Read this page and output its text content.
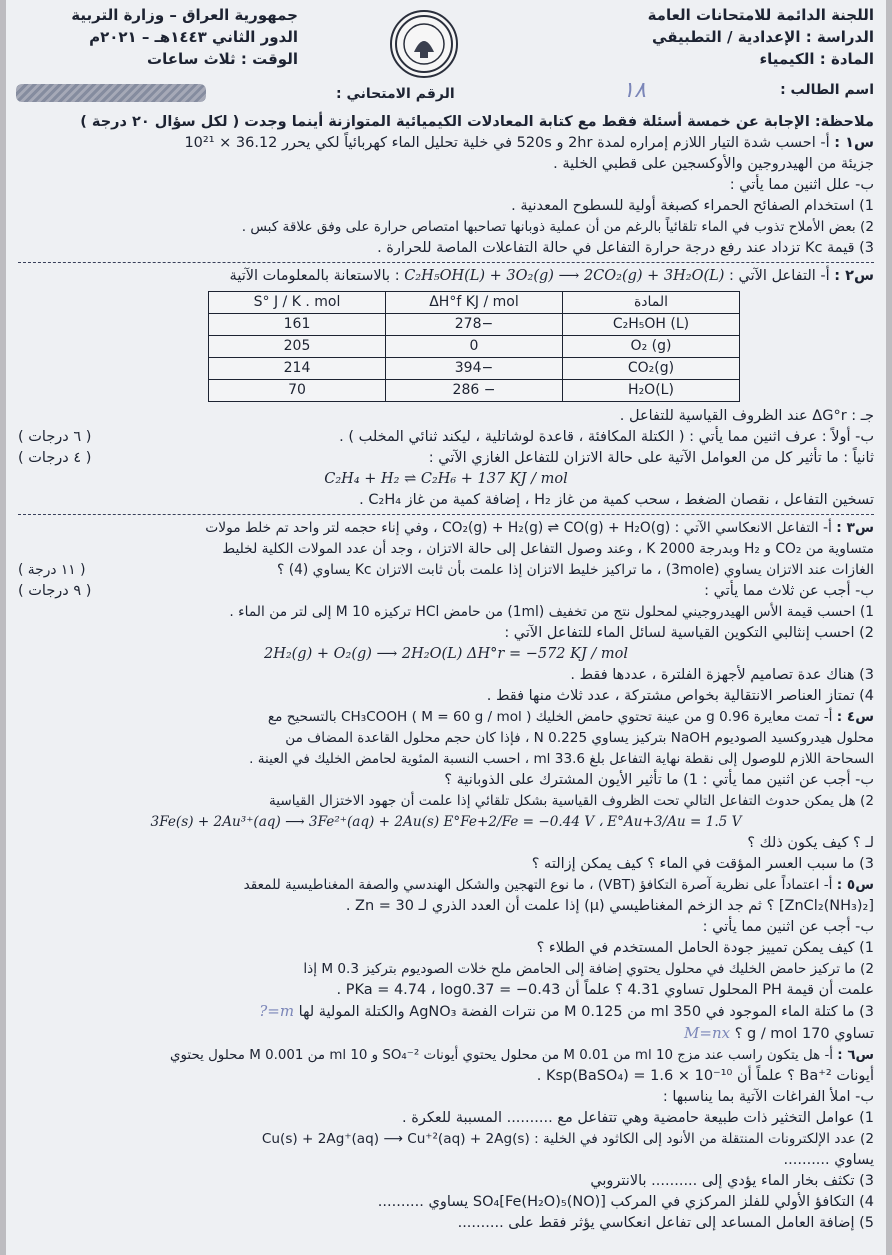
اللجنة الدائمة للامتحانات العامة
الدراسة : الإعدادية / التطبيقي
المادة : الكيمياء
جمهورية العراق – وزارة التربية
الدور الثاني ١٤٤٣هـ – ٢٠٢١م
الوقت : ثلاث ساعات
اسم الطالب :
١٨
الرقم الامتحاني :

ملاحظة: الإجابة عن خمسة أسئلة فقط مع كتابة المعادلات الكيميائية المتوازنة أينما وجدت ( لكل سؤال ٢٠ درجة )

س١ : أ- احسب شدة التيار اللازم إمراره لمدة 2hr و 520s في خلية تحليل الماء كهربائياً لكي يحرر 36.12 × 10²¹

جزيئة من الهيدروجين والأوكسجين على قطبي الخلية .

ب- علل اثنين مما يأتي :

1) استخدام الصفائح الحمراء كصبغة أولية للسطوح المعدنية .

2) بعض الأملاح تذوب في الماء تلقائياً بالرغم من أن عملية ذوبانها تصاحبها امتصاص حرارة على وفق علاقة كبس .

3) قيمة Kc تزداد عند رفع درجة حرارة التفاعل في حالة التفاعلات الماصة للحرارة .

س٢ : أ- التفاعل الآتي : C₂H₅OH(L) + 3O₂(g) ⟶ 2CO₂(g) + 3H₂O(L) : بالاستعانة بالمعلومات الآتية

المادة	ΔH°f KJ / mol	S° J / K . mol
C₂H₅OH (L)	−278	161
O₂ (g)	0	205
CO₂(g)	−394	214
H₂O(L)	− 286	70

جـ : ΔG°r عند الظروف القياسية للتفاعل .

ب- أولاً : عرف اثنين مما يأتي : ( الكتلة المكافئة ، قاعدة لوشاتلية ، ليكند ثنائي المخلب ) .
( ٦ درجات )

ثانياً : ما تأثير كل من العوامل الآتية على حالة الاتزان للتفاعل الغازي الآتي :
( ٤ درجات )

C₂H₄ + H₂ ⇌ C₂H₆ + 137 KJ / mol

تسخين التفاعل ، نقصان الضغط ، سحب كمية من غاز H₂ ، إضافة كمية من غاز C₂H₄ .

س٣ : أ- التفاعل الانعكاسي الآتي : CO₂(g) + H₂(g) ⇌ CO(g) + H₂O(g) ، وفي إناء حجمه لتر واحد تم خلط مولات

متساوية من CO₂ و H₂ وبدرجة 2000 K ، وعند وصول التفاعل إلى حالة الاتزان ، وجد أن عدد المولات الكلية لخليط

الغازات عند الاتزان يساوي (3mole) ، ما تراكيز خليط الاتزان إذا علمت بأن ثابت الاتزان Kc يساوي (4) ؟
( ١١ درجة )

ب- أجب عن ثلاث مما يأتي :
( ٩ درجات )

1) احسب قيمة الأس الهيدروجيني لمحلول نتج من تخفيف (1ml) من حامض HCl تركيزه 10 M إلى لتر من الماء .

2) احسب إنثالبي التكوين القياسية لسائل الماء للتفاعل الآتي :

2H₂(g) + O₂(g) ⟶ 2H₂O(L) ΔH°r = −572 KJ / mol

3) هناك عدة تصاميم لأجهزة الفلترة ، عددها فقط .

4) تمتاز العناصر الانتقالية بخواص مشتركة ، عدد ثلاث منها فقط .

س٤ : أ- تمت معايرة 0.96 g من عينة تحتوي حامض الخليك CH₃COOH ( M = 60 g / mol ) بالتسحيح مع

محلول هيدروكسيد الصوديوم NaOH بتركيز يساوي 0.225 N ، فإذا كان حجم محلول القاعدة المضاف من

السحاحة اللازم للوصول إلى نقطة نهاية التفاعل بلغ 33.6 ml ، احسب النسبة المئوية لحامض الخليك في العينة .

ب- أجب عن اثنين مما يأتي : 1) ما تأثير الأيون المشترك على الذوبانية ؟

2) هل يمكن حدوث التفاعل التالي تحت الظروف القياسية بشكل تلقائي إذا علمت أن جهود الاختزال القياسية

3Fe(s) + 2Au³⁺(aq) ⟶ 3Fe²⁺(aq) + 2Au(s) E°Fe+2/Fe = −0.44 V ، E°Au+3/Au = 1.5 V

لـ ؟ كيف يكون ذلك ؟

3) ما سبب العسر المؤقت في الماء ؟ كيف يمكن إزالته ؟

س٥ : أ- اعتماداً على نظرية آصرة التكافؤ (VBT) ، ما نوع التهجين والشكل الهندسي والصفة المغناطيسية للمعقد

[ZnCl₂(NH₃)₂] ؟ ثم جد الزخم المغناطيسي (μ) إذا علمت أن العدد الذري لـ Zn = 30 .

ب- أجب عن اثنين مما يأتي :

1) كيف يمكن تمييز جودة الحامل المستخدم في الطلاء ؟

2) ما تركيز حامض الخليك في محلول يحتوي إضافة إلى الحامض ملح خلات الصوديوم بتركيز 0.3 M إذا

علمت أن قيمة PH المحلول تساوي 4.31 ؟ علماً أن PKa = 4.74 ، log0.37 = −0.43 .

3) ما كتلة الماء الموجود في 350 ml من 0.125 M من نترات الفضة AgNO₃ والكتلة المولية لها m=?

تساوي 170 g / mol ؟ M=nx

س٦ : أ- هل يتكون راسب عند مزج 10 ml من 0.01 M من محلول يحتوي أيونات SO₄⁻² و 10 ml من 0.001 M محلول يحتوي

أيونات Ba⁺² ؟ علماً أن Ksp(BaSO₄) = 1.6 × 10⁻¹⁰ .

ب- املأ الفراغات الآتية بما يناسبها :

1) عوامل التخثير ذات طبيعة حامضية وهي تتفاعل مع .......... المسببة للعكرة .

2) عدد الإلكترونات المنتقلة من الأنود إلى الكاثود في الخلية : Cu(s) + 2Ag⁺(aq) ⟶ Cu⁺²(aq) + 2Ag(s)

يساوي ..........

3) تكثف بخار الماء يؤدي إلى .......... بالانتروبي

4) التكافؤ الأولي للفلز المركزي في المركب [Fe(H₂O)₅(NO)]SO₄ يساوي ..........

5) إضافة العامل المساعد إلى تفاعل انعكاسي يؤثر فقط على ..........
